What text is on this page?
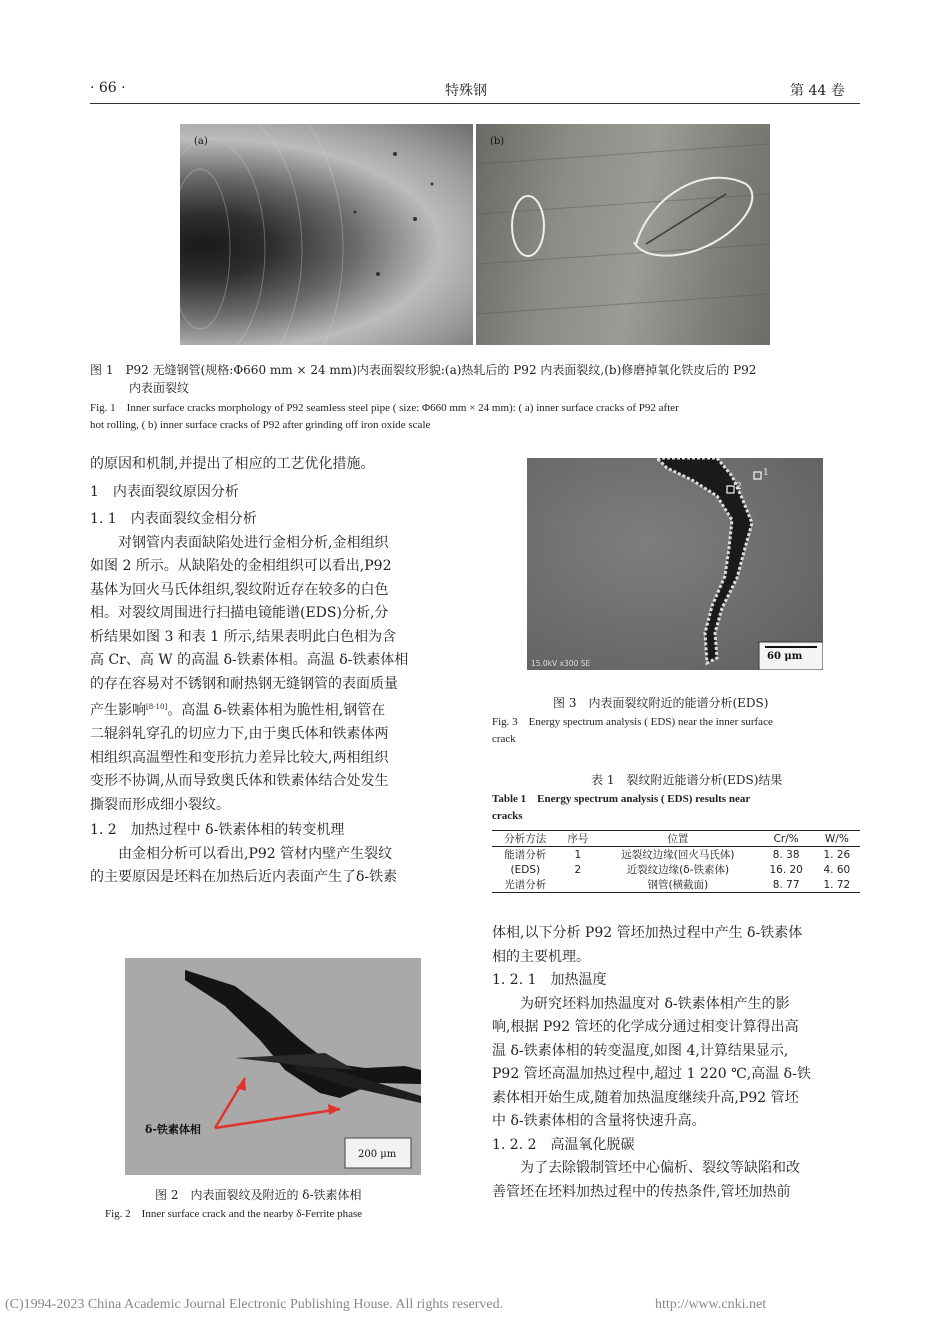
· 66 ·	特殊钢	第 44 卷
(a)	(b)
图 1　P92 无缝钢管(规格:Φ660 mm × 24 mm)内表面裂纹形貌:(a)热轧后的 P92 内表面裂纹,(b)修磨掉氧化铁皮后的 P92
内表面裂纹
Fig. 1　Inner surface cracks morphology of P92 seamless steel pipe ( size: Φ660 mm × 24 mm): ( a) inner surface cracks of P92 after
hot rolling, ( b) inner surface cracks of P92 after grinding off iron oxide scale
的原因和机制,并提出了相应的工艺优化措施。
1　内表面裂纹原因分析
1. 1　内表面裂纹金相分析
　　对钢管内表面缺陷处进行金相分析,金相组织
如图 2 所示。从缺陷处的金相组织可以看出,P92
基体为回火马氏体组织,裂纹附近存在较多的白色
相。对裂纹周围进行扫描电镜能谱(EDS)分析,分
析结果如图 3 和表 1 所示,结果表明此白色相为含
高 Cr、高 W 的高温 δ-铁素体相。高温 δ-铁素体相
的存在容易对不锈钢和耐热钢无缝钢管的表面质量
产生影响[8-10]。高温 δ-铁素体相为脆性相,钢管在
二辊斜轧穿孔的切应力下,由于奥氏体和铁素体两
相组织高温塑性和变形抗力差异比较大,两相组织
变形不协调,从而导致奥氏体和铁素体结合处发生
撕裂而形成细小裂纹。
1. 2　加热过程中 δ-铁素体相的转变机理
　　由金相分析可以看出,P92 管材内壁产生裂纹
的主要原因是坯料在加热后近内表面产生了δ-铁素
δ-铁素体相
200 μm
图 2　内表面裂纹及附近的 δ-铁素体相
Fig. 2　Inner surface crack and the nearby δ-Ferrite phase
1
2
15.0kV x300 SE
60 μm
图 3　内表面裂纹附近的能谱分析(EDS)
Fig. 3　Energy spectrum analysis ( EDS) near the inner surface
crack
表 1　裂纹附近能谱分析(EDS)结果
Table 1　Energy spectrum analysis ( EDS) results near
cracks
分析方法	序号	位置	Cr/%	W/%
能谱分析	1	远裂纹边缘(回火马氏体)	8. 38	1. 26
(EDS)	2	近裂纹边缘(δ-铁素体)	16. 20	4. 60
光谱分析		钢管(横截面)	8. 77	1. 72
体相,以下分析 P92 管坯加热过程中产生 δ-铁素体
相的主要机理。
1. 2. 1　加热温度
　　为研究坯料加热温度对 δ-铁素体相产生的影
响,根据 P92 管坯的化学成分通过相变计算得出高
温 δ-铁素体相的转变温度,如图 4,计算结果显示,
P92 管坯高温加热过程中,超过 1 220 ℃,高温 δ-铁
素体相开始生成,随着加热温度继续升高,P92 管坯
中 δ-铁素体相的含量将快速升高。
1. 2. 2　高温氧化脱碳
　　为了去除锻制管坯中心偏析、裂纹等缺陷和改
善管坯在坯料加热过程中的传热条件,管坯加热前
(C)1994-2023 China Academic Journal Electronic Publishing House. All rights reserved.	http://www.cnki.net
